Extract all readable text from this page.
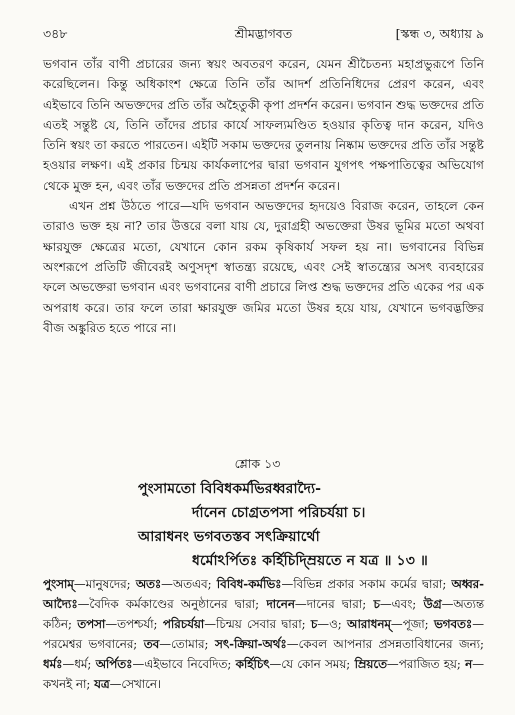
৩৪৮	শ্রীমদ্ভাগবত	[স্কন্ধ ৩, অধ্যায় ৯

ভগবান তাঁর বাণী প্রচারের জন্য স্বয়ং অবতরণ করেন, যেমন শ্রীচৈতন্য মহাপ্রভুরূপে তিনি করেছিলেন। কিন্তু অধিকাংশ ক্ষেত্রে তিনি তাঁর আদর্শ প্রতিনিধিদের প্রেরণ করেন, এবং এইভাবে তিনি অভক্তদের প্রতি তাঁর অহৈতুকী কৃপা প্রদর্শন করেন। ভগবান শুদ্ধ ভক্তদের প্রতি এতই সন্তুষ্ট যে, তিনি তাঁদের প্রচার কার্যে সাফল্যমণ্ডিত হওয়ার কৃতিত্ব দান করেন, যদিও তিনি স্বয়ং তা করতে পারতেন। এইটি সকাম ভক্তদের তুলনায় নিষ্কাম ভক্তদের প্রতি তাঁর সন্তুষ্ট হওয়ার লক্ষণ। এই প্রকার চিন্ময় কার্যকলাপের দ্বারা ভগবান যুগপৎ পক্ষপাতিত্বের অভিযোগ থেকে মুক্ত হন, এবং তাঁর ভক্তদের প্রতি প্রসন্নতা প্রদর্শন করেন।

এখন প্রশ্ন উঠতে পারে—যদি ভগবান অভক্তদের হৃদয়েও বিরাজ করেন, তাহলে কেন তারাও ভক্ত হয় না? তার উত্তরে বলা যায় যে, দুরাগ্রহী অভক্তেরা উষর ভূমির মতো অথবা ক্ষারযুক্ত ক্ষেত্রের মতো, যেখানে কোন রকম কৃষিকার্য সফল হয় না। ভগবানের বিভিন্ন অংশরূপে প্রতিটি জীবেরই অণুসদৃশ স্বাতন্ত্র্য রয়েছে, এবং সেই স্বাতন্ত্র্যের অসৎ ব্যবহারের ফলে অভক্তেরা ভগবান এবং ভগবানের বাণী প্রচারে লিপ্ত শুদ্ধ ভক্তদের প্রতি একের পর এক অপরাধ করে। তার ফলে তারা ক্ষারযুক্ত জমির মতো উষর হয়ে যায়, যেখানে ভগবদ্ভক্তির বীজ অঙ্কুরিত হতে পারে না।

শ্লোক ১৩
পুংসামতো বিবিধকর্মভিরধ্বরাদ্যৈ-
র্দানেন চোগ্রতপসা পরিচর্যয়া চ।
আরাধনং ভগবতস্তব সৎক্রিয়ার্থো
ধর্মোঽর্পিতঃ কর্হিচিদ্ম্রিয়তে ন যত্র ॥ ১৩ ॥
পুংসাম্—মানুষদের; অতঃ—অতএব; বিবিধ-কর্মভিঃ—বিভিন্ন প্রকার সকাম কর্মের দ্বারা; অধ্বর-আদ্যৈঃ—বৈদিক কর্মকাণ্ডের অনুষ্ঠানের দ্বারা; দানেন—দানের দ্বারা; চ—এবং; উগ্র—অত্যন্ত কঠিন; তপসা—তপশ্চর্যা; পরিচর্যয়া—চিন্ময় সেবার দ্বারা; চ—ও; আরাধনম্—পূজা; ভগবতঃ—পরমেশ্বর ভগবানের; তব—তোমার; সৎ-ক্রিয়া-অর্থঃ—কেবল আপনার প্রসন্নতাবিধানের জন্য; ধর্মঃ—ধর্ম; অর্পিতঃ—এইভাবে নিবেদিত; কর্হিচিৎ—যে কোন সময়; ম্রিয়তে—পরাজিত হয়; ন—কখনই না; যত্র—সেখানে।
